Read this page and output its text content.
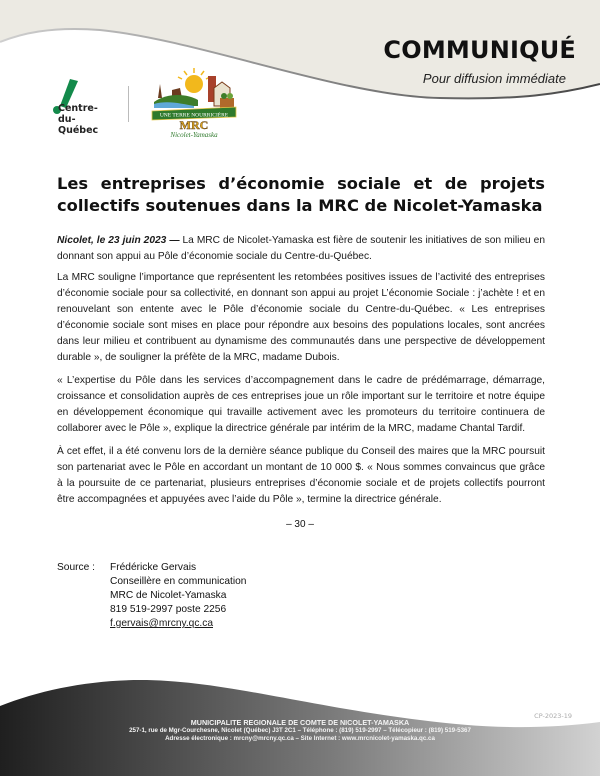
COMMUNIQUÉ
Pour diffusion immédiate
Centre-
du-
Québec
UNE TERRE NOURRICIÈRE
MRC
Nicolet-Yamaska
Les entreprises d’économie sociale et de projets collectifs soutenues dans la MRC de Nicolet-Yamaska

Nicolet, le 23 juin 2023 — La MRC de Nicolet-Yamaska est fière de soutenir les initiatives de son milieu en donnant son appui au Pôle d’économie sociale du Centre-du-Québec.

La MRC souligne l’importance que représentent les retombées positives issues de l’activité des entreprises d’économie sociale pour sa collectivité, en donnant son appui au projet L’économie Sociale : j’achète ! et en renouvelant son entente avec le Pôle d’économie sociale du Centre-du-Québec. « Les entreprises d’économie sociale sont mises en place pour répondre aux besoins des populations locales, sont ancrées dans leur milieu et contribuent au dynamisme des communautés dans une perspective de développement durable », de souligner la préfète de la MRC, madame Dubois.

« L’expertise du Pôle dans les services d’accompagnement dans le cadre de prédémarrage, démarrage, croissance et consolidation auprès de ces entreprises joue un rôle important sur le territoire et notre équipe en développement économique qui travaille activement avec les promoteurs du territoire continuera de collaborer avec le Pôle », explique la directrice générale par intérim de la MRC, madame Chantal Tardif.

À cet effet, il a été convenu lors de la dernière séance publique du Conseil des maires que la MRC poursuit son partenariat avec le Pôle en accordant un montant de 10 000 $. « Nous sommes convaincus que grâce à la poursuite de ce partenariat, plusieurs entreprises d’économie sociale et de projets collectifs pourront être accompagnées et appuyées avec l’aide du Pôle », termine la directrice générale.

– 30 –
Source :	Frédéricke Gervais
Conseillère en communication
MRC de Nicolet-Yamaska
819 519-2997 poste 2256
f.gervais@mrcny.qc.ca
CP-2023-19
MUNICIPALITE REGIONALE DE COMTE DE NICOLET-YAMASKA
257-1, rue de Mgr-Courchesne, Nicolet (Québec) J3T 2C1 – Téléphone : (819) 519-2997 – Télécopieur : (819) 519-5367
Adresse électronique : mrcny@mrcny.qc.ca – Site Internet : www.mrcnicolet-yamaska.qc.ca
